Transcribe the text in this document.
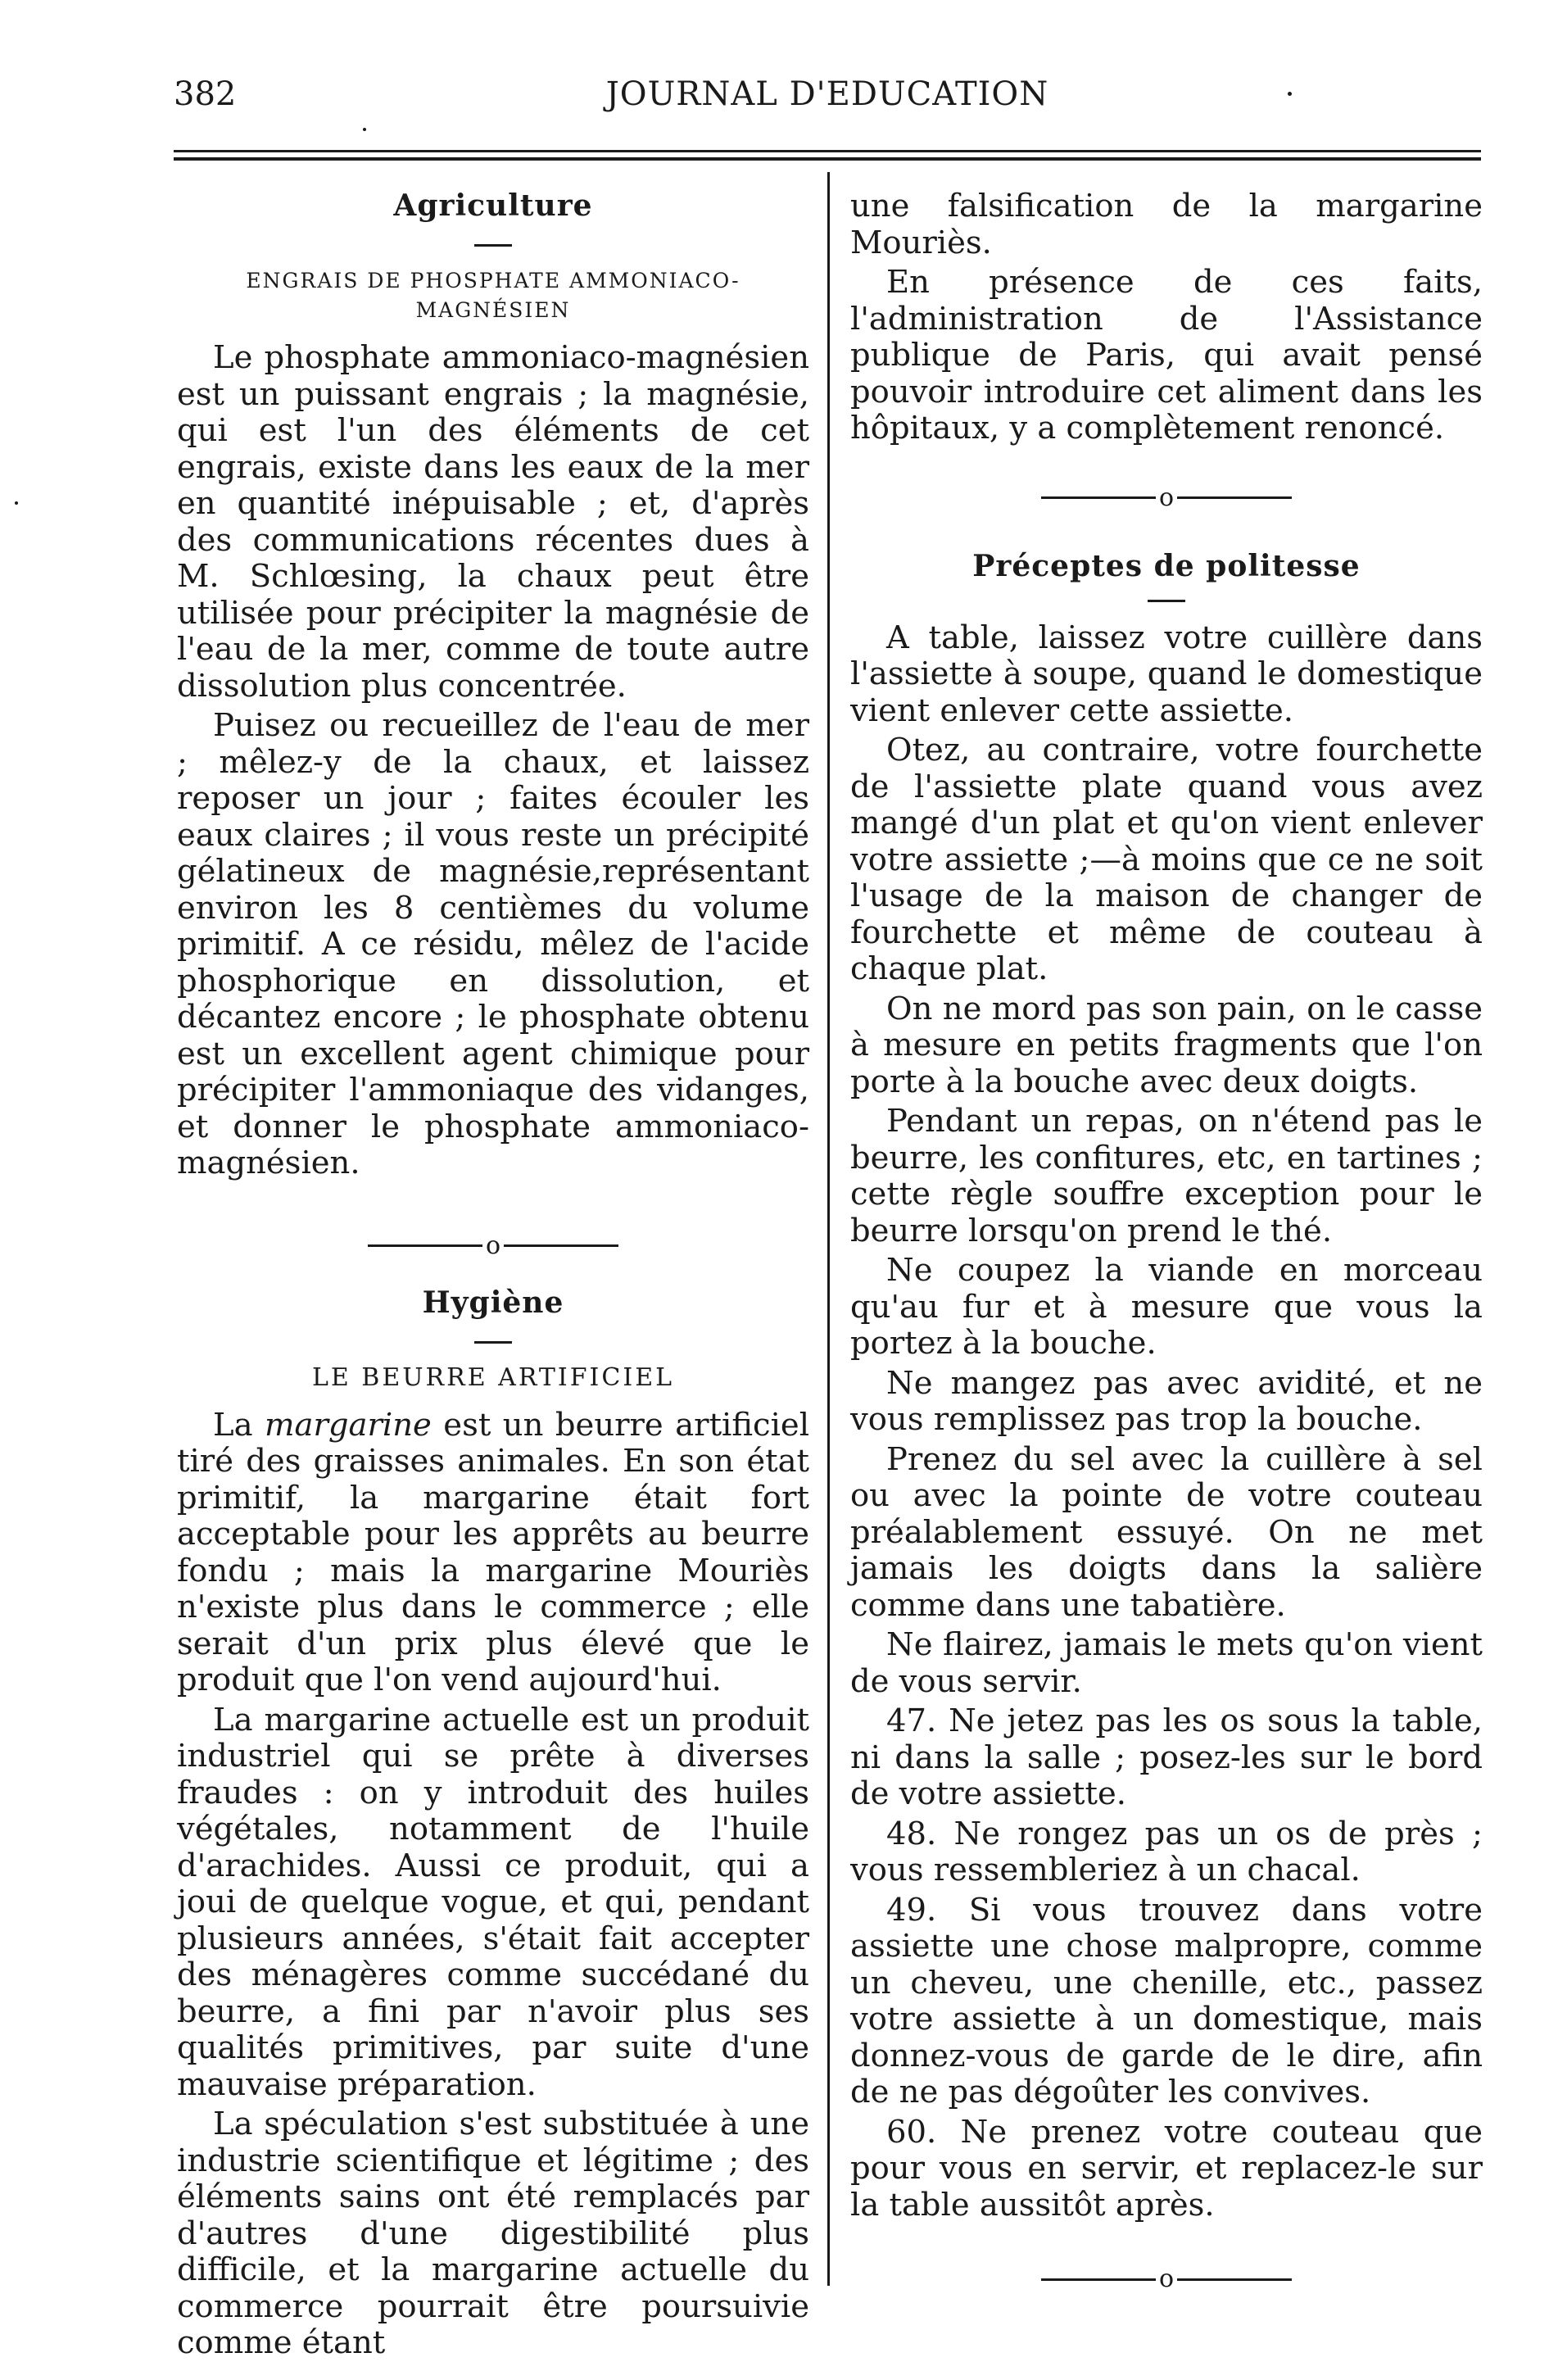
382	JOURNAL D'EDUCATION
Agriculture
ENGRAIS DE PHOSPHATE AMMONIACO-
MAGNÉSIEN

Le phosphate ammoniaco-magnésien est un puissant engrais ; la magnésie, qui est l'un des éléments de cet engrais, existe dans les eaux de la mer en quantité inépuisable ; et, d'après des communications récentes dues à M. Schlœsing, la chaux peut être utilisée pour précipiter la magnésie de l'eau de la mer, comme de toute autre dissolution plus concentrée.

Puisez ou recueillez de l'eau de mer ; mêlez-y de la chaux, et laissez reposer un jour ; faites écouler les eaux claires ; il vous reste un précipité gélatineux de magnésie,représentant environ les 8 centièmes du volume primitif. A ce résidu, mêlez de l'acide phosphorique en dissolution, et décantez encore ; le phosphate obtenu est un excellent agent chimique pour précipiter l'ammoniaque des vidanges, et donner le phosphate ammoniaco-magnésien.

o
Hygiène
LE BEURRE ARTIFICIEL

La margarine est un beurre artificiel tiré des graisses animales. En son état primitif, la margarine était fort acceptable pour les apprêts au beurre fondu ; mais la margarine Mouriès n'existe plus dans le commerce ; elle serait d'un prix plus élevé que le produit que l'on vend aujourd'hui.

La margarine actuelle est un produit industriel qui se prête à diverses fraudes : on y introduit des huiles végétales, notamment de l'huile d'arachides. Aussi ce produit, qui a joui de quelque vogue, et qui, pendant plusieurs années, s'était fait accepter des ménagères comme succédané du beurre, a fini par n'avoir plus ses qualités primitives, par suite d'une mauvaise préparation.

La spéculation s'est substituée à une industrie scientifique et légitime ; des éléments sains ont été remplacés par d'autres d'une digestibilité plus difficile, et la margarine actuelle du commerce pourrait être poursuivie comme étant

une falsification de la margarine Mouriès.

En présence de ces faits, l'administration de l'Assistance publique de Paris, qui avait pensé pouvoir introduire cet aliment dans les hôpitaux, y a complètement renoncé.

o
Préceptes de politesse

A table, laissez votre cuillère dans l'assiette à soupe, quand le domestique vient enlever cette assiette.

Otez, au contraire, votre fourchette de l'assiette plate quand vous avez mangé d'un plat et qu'on vient enlever votre assiette ;—à moins que ce ne soit l'usage de la maison de changer de fourchette et même de couteau à chaque plat.

On ne mord pas son pain, on le casse à mesure en petits fragments que l'on porte à la bouche avec deux doigts.

Pendant un repas, on n'étend pas le beurre, les confitures, etc, en tartines ; cette règle souffre exception pour le beurre lorsqu'on prend le thé.

Ne coupez la viande en morceau qu'au fur et à mesure que vous la portez à la bouche.

Ne mangez pas avec avidité, et ne vous remplissez pas trop la bouche.

Prenez du sel avec la cuillère à sel ou avec la pointe de votre couteau préalablement essuyé. On ne met jamais les doigts dans la salière comme dans une tabatière.

Ne flairez, jamais le mets qu'on vient de vous servir.

47. Ne jetez pas les os sous la table, ni dans la salle ; posez-les sur le bord de votre assiette.

48. Ne rongez pas un os de près ; vous ressembleriez à un chacal.

49. Si vous trouvez dans votre assiette une chose malpropre, comme un cheveu, une chenille, etc., passez votre assiette à un domestique, mais donnez-vous de garde de le dire, afin de ne pas dégoûter les convives.

60. Ne prenez votre couteau que pour vous en servir, et replacez-le sur la table aussitôt après.

o
